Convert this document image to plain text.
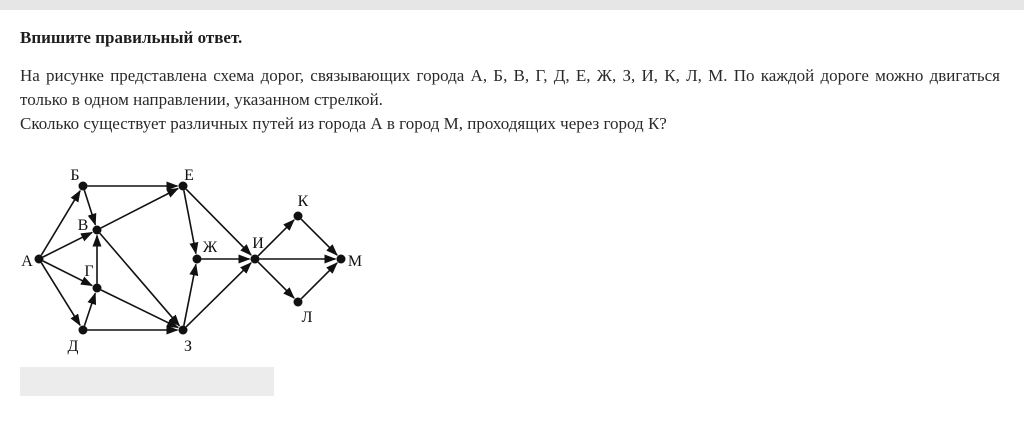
Впишите правильный ответ.

На рисунке представлена схема дорог, связывающих города А, Б, В, Г, Д, Е, Ж, З, И, К, Л, М. По каждой дороге можно двигаться только в одном направлении, указанном стрелкой.

Сколько существует различных путей из города А в город М, проходящих через город К?

А
Б
В
Г
Д
Е
Ж
З
И
К
Л
М
